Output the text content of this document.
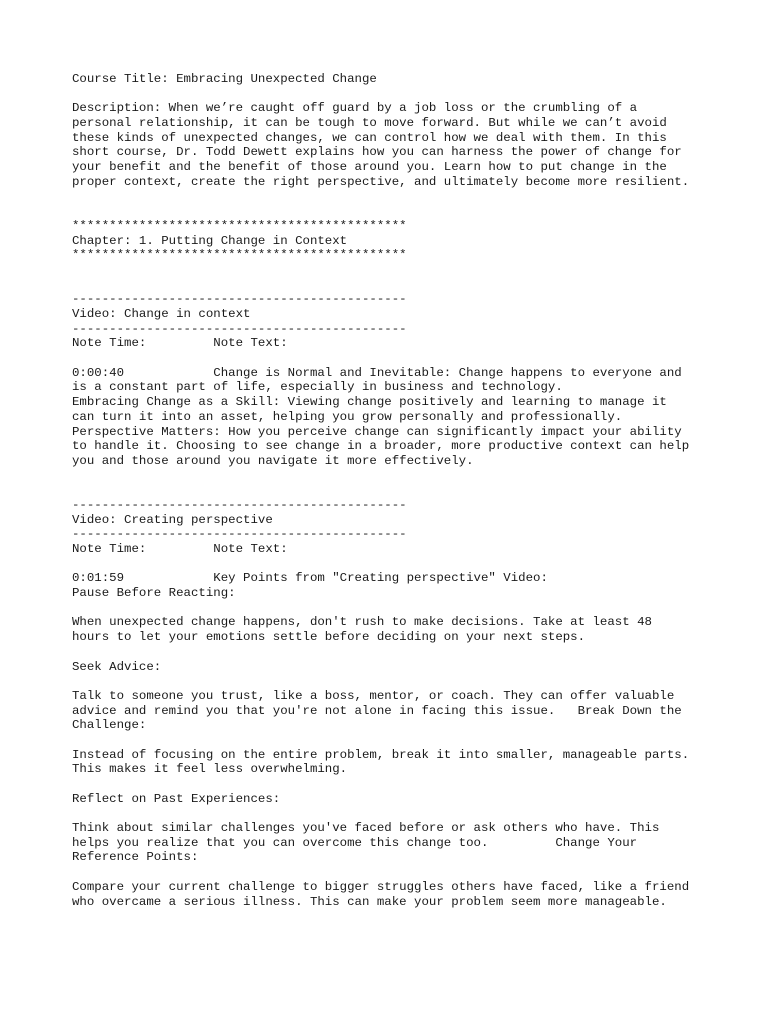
Course Title: Embracing Unexpected Change
Description: When we’re caught off guard by a job loss or the crumbling of a
personal relationship, it can be tough to move forward. But while we can’t avoid
these kinds of unexpected changes, we can control how we deal with them. In this
short course, Dr. Todd Dewett explains how you can harness the power of change for
your benefit and the benefit of those around you. Learn how to put change in the
proper context, create the right perspective, and ultimately become more resilient.
*********************************************
Chapter: 1. Putting Change in Context
*********************************************
---------------------------------------------
Video: Change in context
---------------------------------------------
Note Time:         Note Text:
0:00:40            Change is Normal and Inevitable: Change happens to everyone and
is a constant part of life, especially in business and technology.
Embracing Change as a Skill: Viewing change positively and learning to manage it
can turn it into an asset, helping you grow personally and professionally.
Perspective Matters: How you perceive change can significantly impact your ability
to handle it. Choosing to see change in a broader, more productive context can help
you and those around you navigate it more effectively.
---------------------------------------------
Video: Creating perspective
---------------------------------------------
Note Time:         Note Text:
0:01:59            Key Points from "Creating perspective" Video:
Pause Before Reacting:
When unexpected change happens, don't rush to make decisions. Take at least 48
hours to let your emotions settle before deciding on your next steps.
Seek Advice:
Talk to someone you trust, like a boss, mentor, or coach. They can offer valuable
advice and remind you that you're not alone in facing this issue.   Break Down the
Challenge:
Instead of focusing on the entire problem, break it into smaller, manageable parts.
This makes it feel less overwhelming.
Reflect on Past Experiences:
Think about similar challenges you've faced before or ask others who have. This
helps you realize that you can overcome this change too.         Change Your
Reference Points:
Compare your current challenge to bigger struggles others have faced, like a friend
who overcame a serious illness. This can make your problem seem more manageable.
